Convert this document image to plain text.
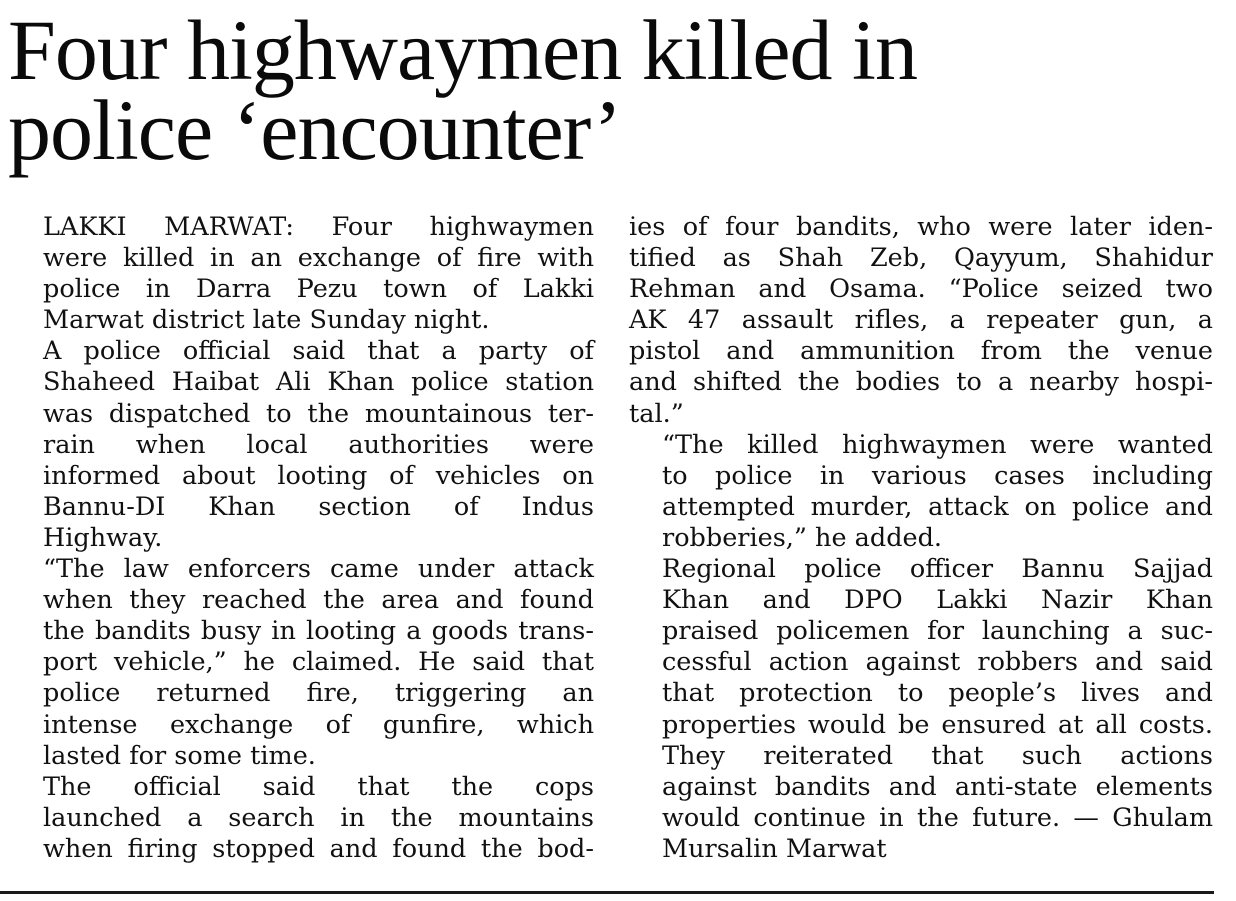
Four highwaymen killed in
police ‘encounter’

LAKKI MARWAT: Four highwaymen
were killed in an exchange of fire with
police in Darra Pezu town of Lakki
Marwat district late Sunday night.

A police official said that a party of
Shaheed Haibat Ali Khan police station
was dispatched to the mountainous ter-
rain when local authorities were
informed about looting of vehicles on
Bannu-DI Khan section of Indus
Highway.

“The law enforcers came under attack
when they reached the area and found
the bandits busy in looting a goods trans-
port vehicle,” he claimed. He said that
police returned fire, triggering an
intense exchange of gunfire, which
lasted for some time.

The official said that the cops
launched a search in the mountains
when firing stopped and found the bod-

ies of four bandits, who were later iden-
tified as Shah Zeb, Qayyum, Shahidur
Rehman and Osama. “Police seized two
AK 47 assault rifles, a repeater gun, a
pistol and ammunition from the venue
and shifted the bodies to a nearby hospi-
tal.”

“The killed highwaymen were wanted
to police in various cases including
attempted murder, attack on police and
robberies,” he added.

Regional police officer Bannu Sajjad
Khan and DPO Lakki Nazir Khan
praised policemen for launching a suc-
cessful action against robbers and said
that protection to people’s lives and
properties would be ensured at all costs.
They reiterated that such actions
against bandits and anti-state elements
would continue in the future. — Ghulam
Mursalin Marwat
